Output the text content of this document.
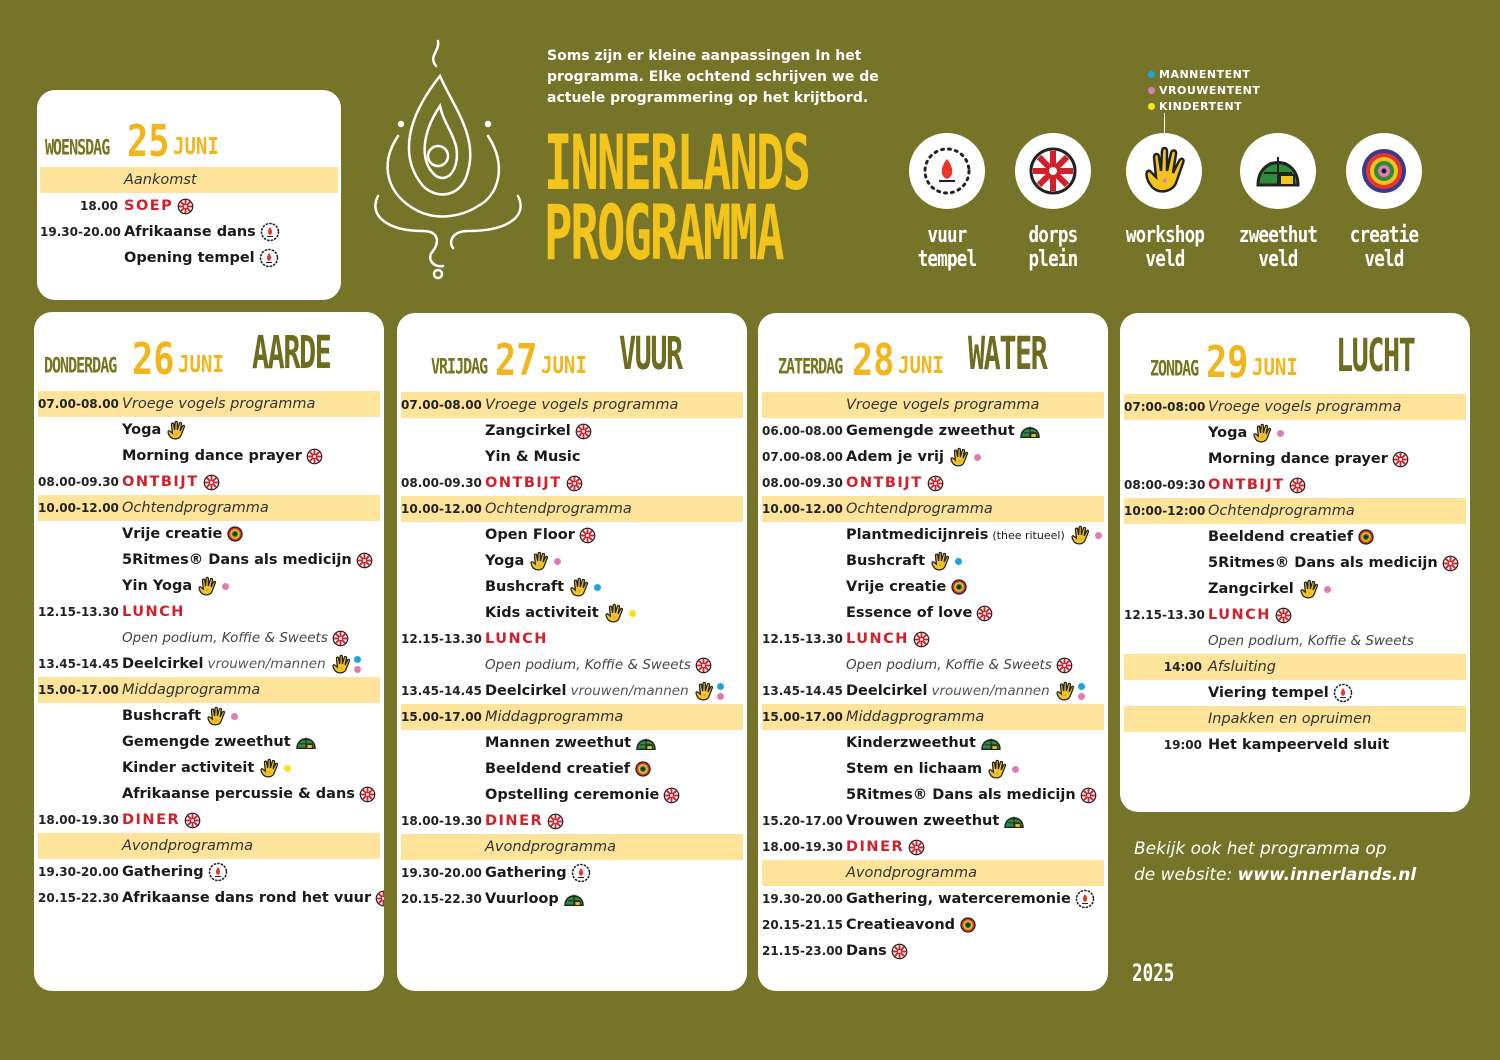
Soms zijn er kleine aanpassingen In het
programma. Elke ochtend schrijven we de
actuele programmering op het krijtbord.
INNERLANDS
PROGRAMMA
MANNENTENT
VROUWENTENT
KINDERTENT
vuur
tempel
dorps
plein
workshop
veld
zweethut
veld
creatie
veld
WOENSDAG 25 JUNI
Aankomst
18.00 SOEP
19.30-20.00 Afrikaanse dans
Opening tempel
DONDERDAG 26 JUNI AARDE
07.00-08.00 Vroege vogels programma
Yoga
Morning dance prayer
08.00-09.30 ONTBIJT
10.00-12.00 Ochtendprogramma
Vrije creatie
5Ritmes® Dans als medicijn
Yin Yoga
12.15-13.30 LUNCH
Open podium, Koffie & Sweets
13.45-14.45 Deelcirkel vrouwen/mannen
15.00-17.00 Middagprogramma
Bushcraft
Gemengde zweethut
Kinder activiteit
Afrikaanse percussie & dans
18.00-19.30 DINER
Avondprogramma
19.30-20.00 Gathering
20.15-22.30 Afrikaanse dans rond het vuur
VRIJDAG 27 JUNI VUUR
07.00-08.00 Vroege vogels programma
Zangcirkel
Yin & Music
08.00-09.30 ONTBIJT
10.00-12.00 Ochtendprogramma
Open Floor
Yoga
Bushcraft
Kids activiteit
12.15-13.30 LUNCH
Open podium, Koffie & Sweets
13.45-14.45 Deelcirkel vrouwen/mannen
15.00-17.00 Middagprogramma
Mannen zweethut
Beeldend creatief
Opstelling ceremonie
18.00-19.30 DINER
Avondprogramma
19.30-20.00 Gathering
20.15-22.30 Vuurloop
ZATERDAG 28 JUNI WATER
Vroege vogels programma
06.00-08.00 Gemengde zweethut
07.00-08.00 Adem je vrij
08.00-09.30 ONTBIJT
10.00-12.00 Ochtendprogramma
Plantmedicijnreis (thee ritueel)
Bushcraft
Vrije creatie
Essence of love
12.15-13.30 LUNCH
Open podium, Koffie & Sweets
13.45-14.45 Deelcirkel vrouwen/mannen
15.00-17.00 Middagprogramma
Kinderzweethut
Stem en lichaam
5Ritmes® Dans als medicijn
15.20-17.00 Vrouwen zweethut
18.00-19.30 DINER
Avondprogramma
19.30-20.00 Gathering, waterceremonie
20.15-21.15 Creatieavond
21.15-23.00 Dans
ZONDAG 29 JUNI LUCHT
07:00-08:00 Vroege vogels programma
Yoga
Morning dance prayer
08:00-09:30 ONTBIJT
10:00-12:00 Ochtendprogramma
Beeldend creatief
5Ritmes® Dans als medicijn
Zangcirkel
12.15-13.30 LUNCH
Open podium, Koffie & Sweets
14:00 Afsluiting
Viering tempel
Inpakken en opruimen
19:00 Het kampeerveld sluit
Bekijk ook het programma op
de website: www.innerlands.nl
2025
